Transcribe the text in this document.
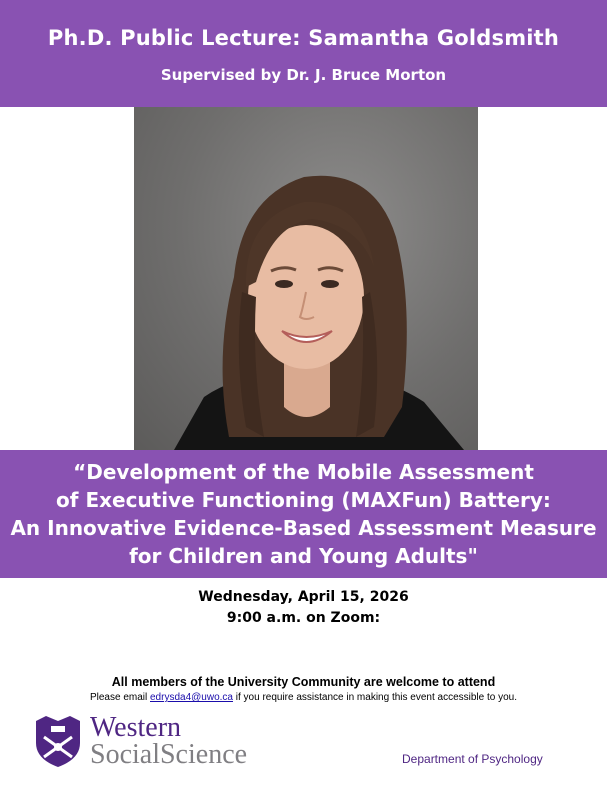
Ph.D. Public Lecture: Samantha Goldsmith
Supervised by Dr. J. Bruce Morton
“Development of the Mobile Assessment
of Executive Functioning (MAXFun) Battery:
An Innovative Evidence-Based Assessment Measure
for Children and Young Adults"
Wednesday, April 15, 2026
9:00 a.m. on Zoom:
All members of the University Community are welcome to attend
Please email edrysda4@uwo.ca if you require assistance in making this event accessible to you.
Western
SocialScience	Department of Psychology
